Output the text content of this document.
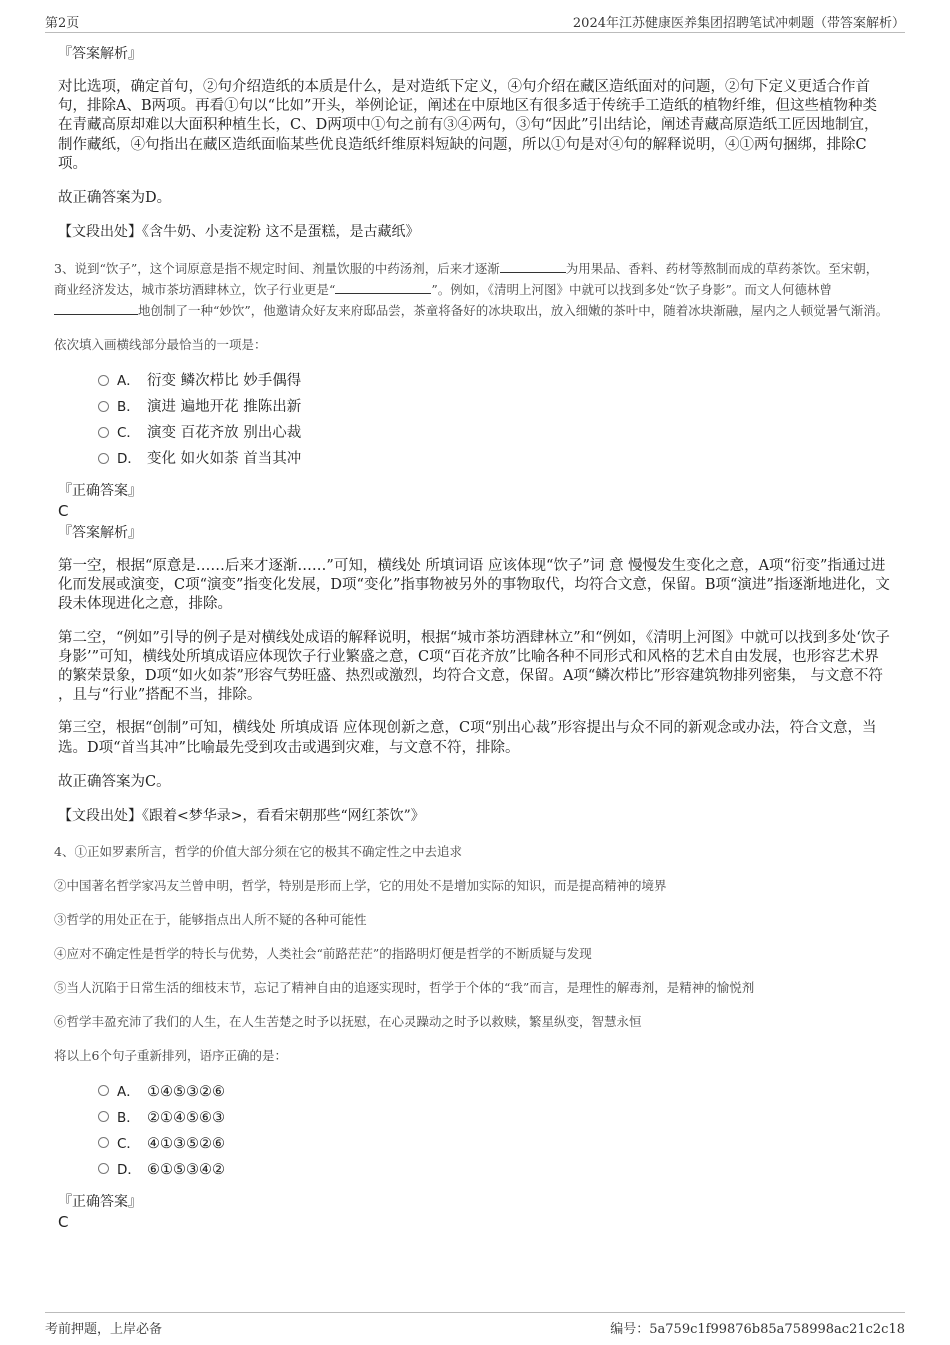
第2页	2024年江苏健康医养集团招聘笔试冲刺题（带答案解析）
『答案解析』

对比选项，确定首句，②句介绍造纸的本质是什么，是对造纸下定义，④句介绍在藏区造纸面对的问题，②句下定义更适合作首句，排除A、B两项。再看①句以“比如”开头，举例论证，阐述在中原地区有很多适于传统手工造纸的植物纤维，但这些植物种类在青藏高原却难以大面积种植生长，C、D两项中①句之前有③④两句，③句“因此”引出结论，阐述青藏高原造纸工匠因地制宜，制作藏纸，④句指出在藏区造纸面临某些优良造纸纤维原料短缺的问题，所以①句是对④句的解释说明，④①两句捆绑，排除C项。

故正确答案为D。

【文段出处】《含牛奶、小麦淀粉 这不是蛋糕，是古藏纸》

3、说到“饮子”，这个词原意是指不规定时间、剂量饮服的中药汤剂，后来才逐渐	为用果品、香料、药材等熬制而成的草药茶饮。至宋朝，商业经济发达，城市茶坊酒肆林立，饮子行业更是“	”。例如，《清明上河图》中就可以找到多处“饮子身影”。而文人何德林曾地创制了一种“妙饮”，他邀请众好友来府邸品尝，茶童将备好的冰块取出，放入细嫩的茶叶中，随着冰块渐融，屋内之人顿觉暑气渐消。
依次填入画横线部分最恰当的一项是：
A． 衍变 鳞次栉比 妙手偶得
B． 演进 遍地开花 推陈出新
C． 演变 百花齐放 别出心裁
D． 变化 如火如荼 首当其冲
『正确答案』
C
『答案解析』

第一空，根据“原意是……后来才逐渐……”可知，横线处 所填词语 应该体现“饮子”词 意 慢慢发生变化之意，A项“衍变”指通过进化而发展或演变，C项“演变”指变化发展，D项“变化”指事物被另外的事物取代，均符合文意，保留。B项“演进”指逐渐地进化，文段未体现进化之意，排除。

第二空，“例如”引导的例子是对横线处成语的解释说明，根据“城市茶坊酒肆林立”和“例如，《清明上河图》中就可以找到多处‘饮子身影’”可知，横线处所填成语应体现饮子行业繁盛之意，C项“百花齐放”比喻各种不同形式和风格的艺术自由发展，也形容艺术界的繁荣景象，D项“如火如荼”形容气势旺盛、热烈或激烈，均符合文意，保留。A项“鳞次栉比”形容建筑物排列密集， 与文意不符 ，且与“行业”搭配不当，排除。

第三空，根据“创制”可知，横线处 所填成语 应体现创新之意，C项“别出心裁”形容提出与众不同的新观念或办法，符合文意，当选。D项“首当其冲”比喻最先受到攻击或遇到灾难，与文意不符，排除。

故正确答案为C。

【文段出处】《跟着<梦华录>，看看宋朝那些“网红茶饮”》

4、①正如罗素所言，哲学的价值大部分须在它的极其不确定性之中去追求
②中国著名哲学家冯友兰曾申明，哲学，特别是形而上学，它的用处不是增加实际的知识，而是提高精神的境界
③哲学的用处正在于，能够指点出人所不疑的各种可能性
④应对不确定性是哲学的特长与优势，人类社会“前路茫茫”的指路明灯便是哲学的不断质疑与发现
⑤当人沉陷于日常生活的细枝末节，忘记了精神自由的追逐实现时，哲学于个体的“我”而言，是理性的解毒剂，是精神的愉悦剂
⑥哲学丰盈充沛了我们的人生，在人生苦楚之时予以抚慰，在心灵躁动之时予以救赎，繁星纵变，智慧永恒
将以上6个句子重新排列，语序正确的是：
A． ①④⑤③②⑥
B． ②①④⑤⑥③
C． ④①③⑤②⑥
D． ⑥①⑤③④②
『正确答案』
C
考前押题，上岸必备	编号：5a759c1f99876b85a758998ac21c2c18
